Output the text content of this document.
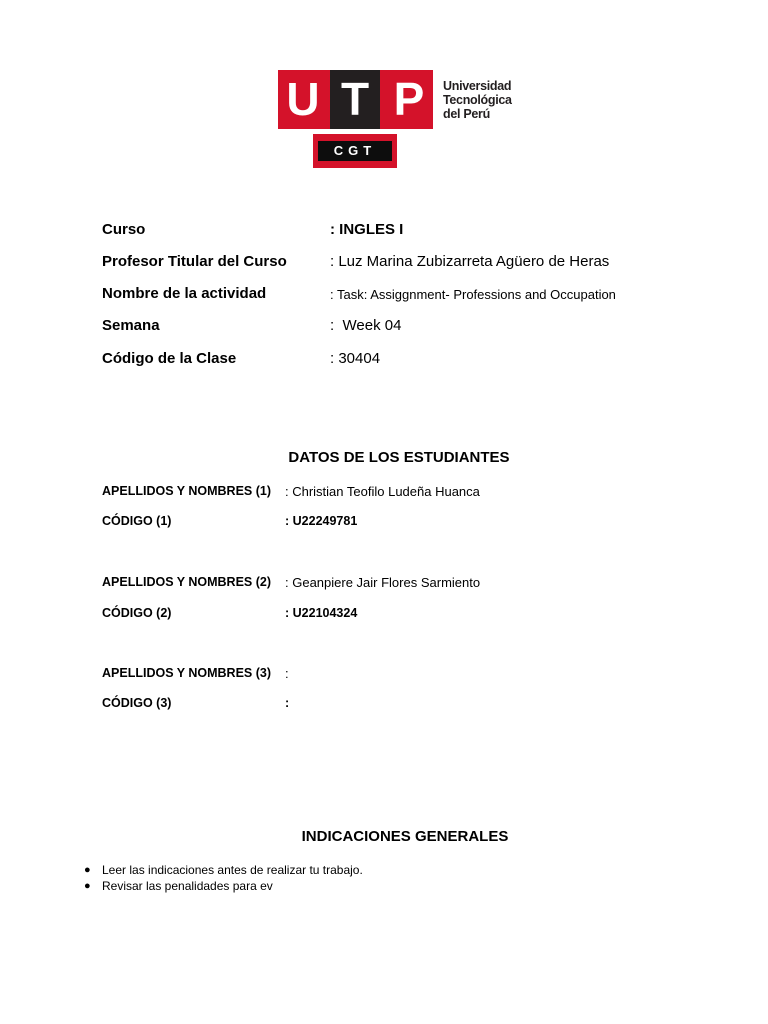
U T P Universidad
Tecnológica
del Perú
CGT
Curso	: INGLES I
Profesor Titular del Curso	: Luz Marina Zubizarreta Agüero de Heras
Nombre de la actividad	: Task: Assiggnment- Professions and Occupation
Semana	:  Week 04
Código de la Clase	: 30404
DATOS DE LOS ESTUDIANTES
APELLIDOS Y NOMBRES (1) : Christian Teofilo Ludeña Huanca
CÓDIGO (1)	: U22249781
APELLIDOS Y NOMBRES (2) : Geanpiere Jair Flores Sarmiento
CÓDIGO (2)	: U22104324
APELLIDOS Y NOMBRES (3) :
CÓDIGO (3)	:
INDICACIONES GENERALES
● Leer las indicaciones antes de realizar tu trabajo.
● Revisar las penalidades para ev
